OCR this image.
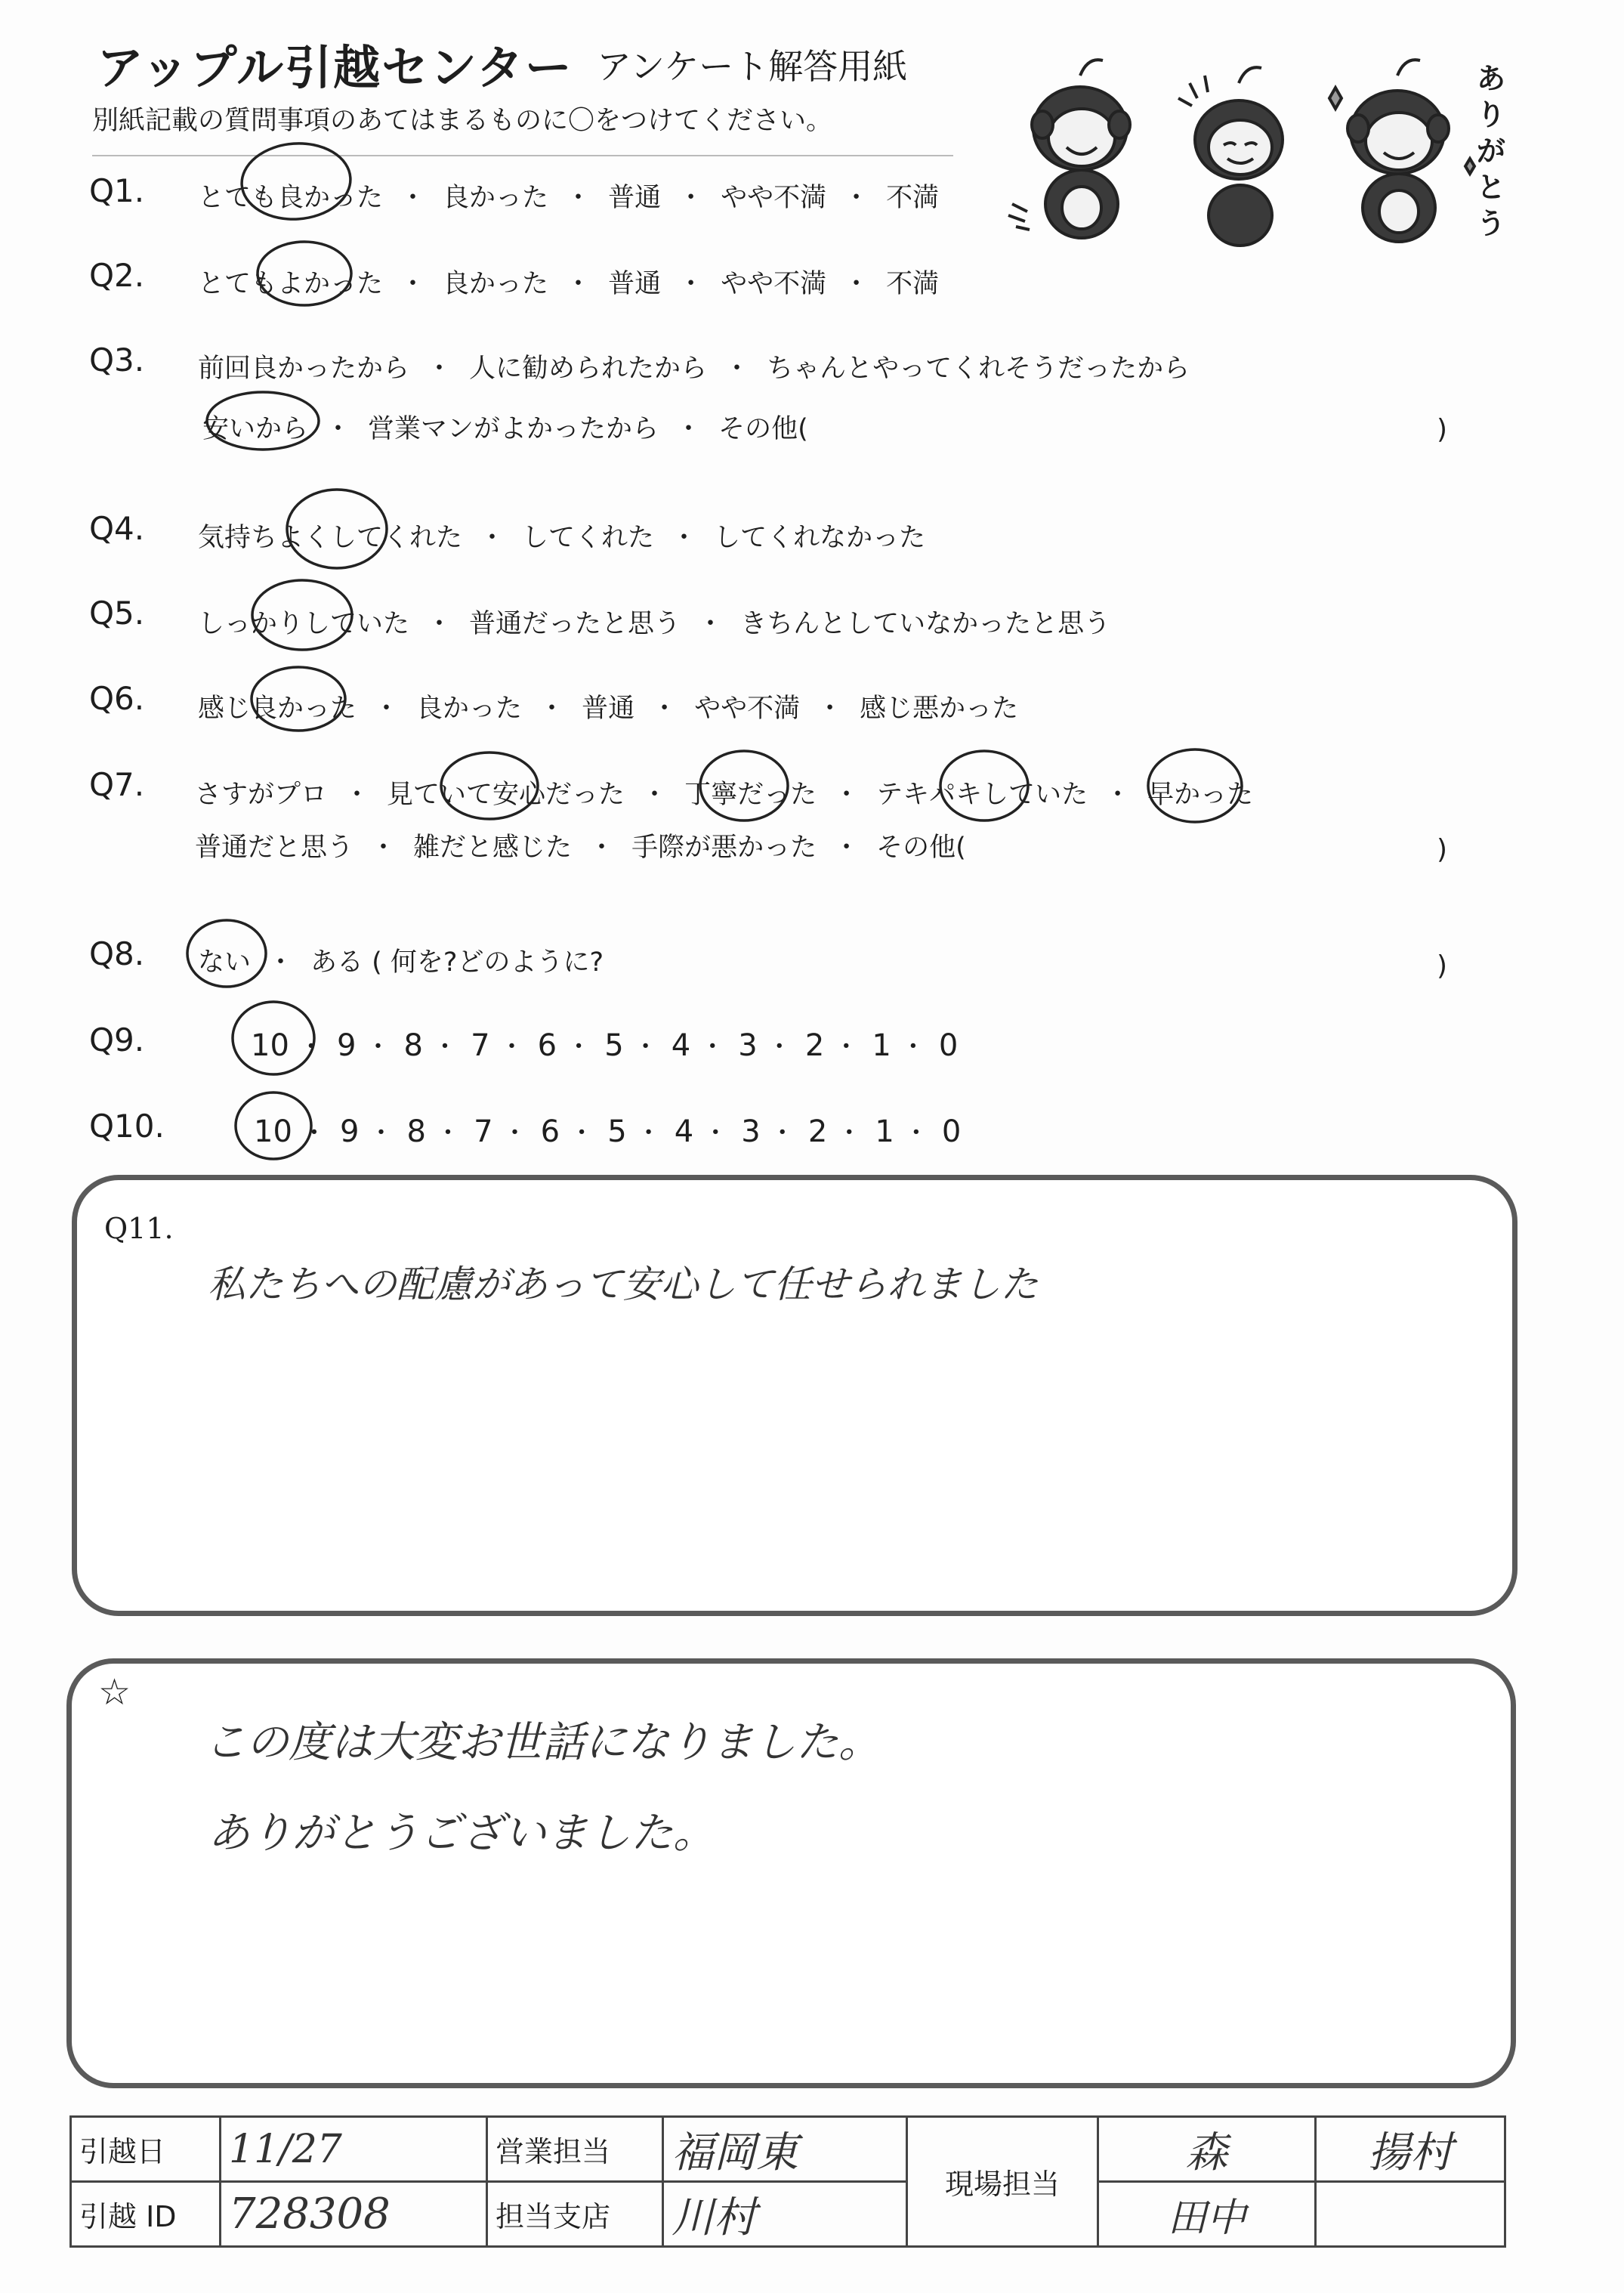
アップル引越センター アンケート解答用紙
別紙記載の質問事項のあてはまるものに〇をつけてください。
ありがとう
Q1. とても良かった ・ 良かった ・ 普通 ・ やや不満 ・ 不満
Q2. とてもよかった ・ 良かった ・ 普通 ・ やや不満 ・ 不満
Q3. 前回良かったから ・ 人に勧められたから ・ ちゃんとやってくれそうだったから
安いから ・ 営業マンがよかったから ・ その他(	)
Q4. 気持ちよくしてくれた ・ してくれた ・ してくれなかった
Q5. しっかりしていた ・ 普通だったと思う ・ きちんとしていなかったと思う
Q6. 感じ良かった ・ 良かった ・ 普通 ・ やや不満 ・ 感じ悪かった
Q7. さすがプロ ・ 見ていて安心だった ・ 丁寧だった ・ テキパキしていた ・ 早かった
普通だと思う ・ 雑だと感じた ・ 手際が悪かった ・ その他(	)
Q8. ない ・ ある ( 何を?どのように?	)
Q9.	10 ・ 9 ・ 8 ・ 7 ・ 6 ・ 5 ・ 4 ・ 3 ・ 2 ・ 1 ・ 0
Q10.	10 ・ 9 ・ 8 ・ 7 ・ 6 ・ 5 ・ 4 ・ 3 ・ 2 ・ 1 ・ 0
Q11.
私たちへの配慮があって安心して任せられました
☆
この度は大変お世話になりました。
ありがとうございました。
引越日	11/27	営業担当	福岡東	現場担当	森	揚村
引越 ID	728308	担当支店	川村		田中	
